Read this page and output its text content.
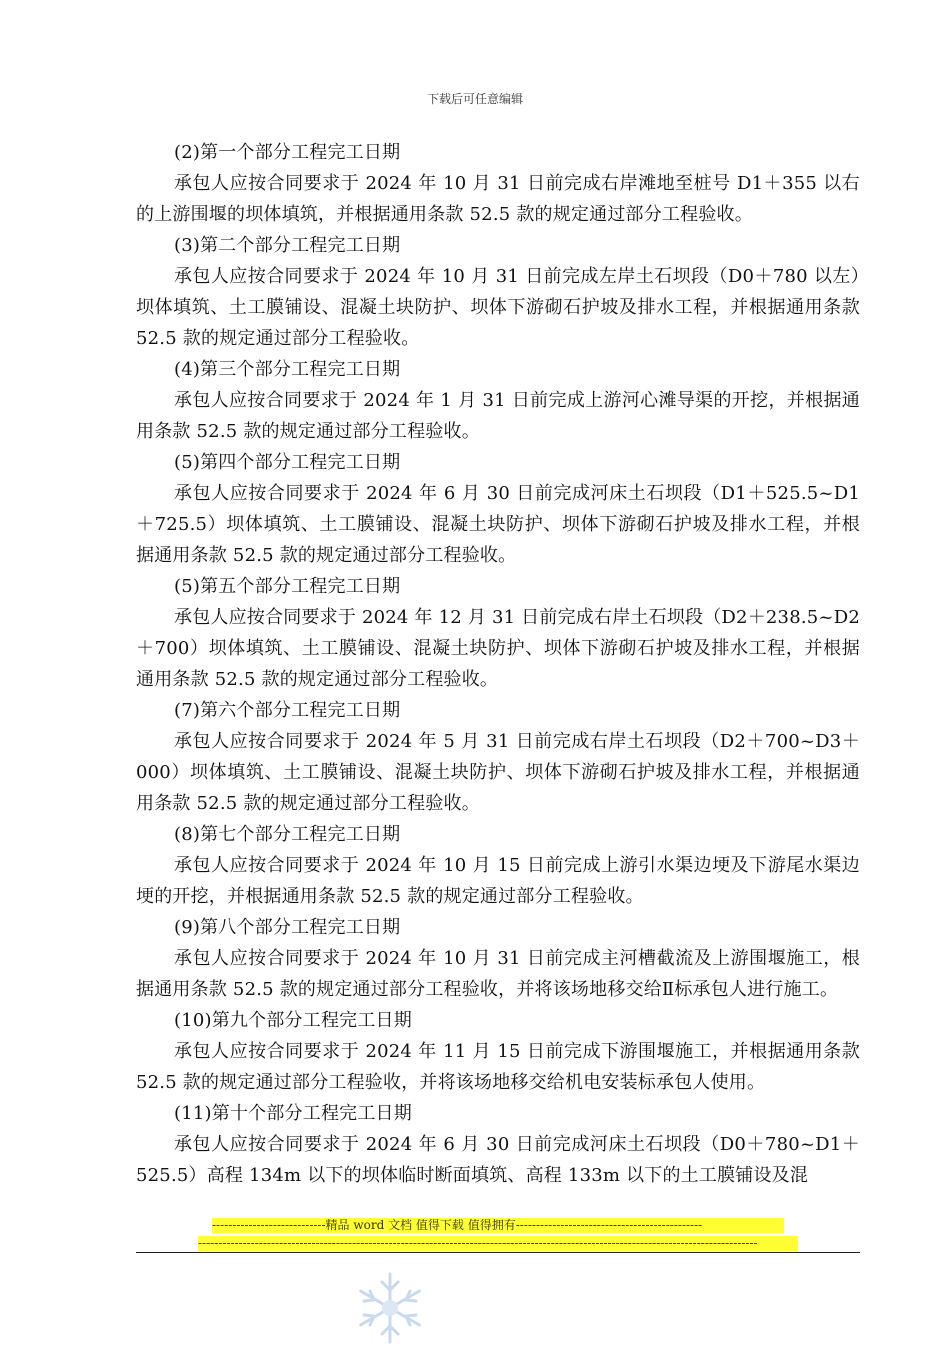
下载后可任意编辑

(2)第一个部分工程完工日期

承包人应按合同要求于 2024 年 10 月 31 日前完成右岸滩地至桩号 D1＋355 以右的上游围堰的坝体填筑，并根据通用条款 52.5 款的规定通过部分工程验收。

(3)第二个部分工程完工日期

承包人应按合同要求于 2024 年 10 月 31 日前完成左岸土石坝段（D0＋780 以左）坝体填筑、土工膜铺设、混凝土块防护、坝体下游砌石护坡及排水工程，并根据通用条款 52.5 款的规定通过部分工程验收。

(4)第三个部分工程完工日期

承包人应按合同要求于 2024 年 1 月 31 日前完成上游河心滩导渠的开挖，并根据通用条款 52.5 款的规定通过部分工程验收。

(5)第四个部分工程完工日期

承包人应按合同要求于 2024 年 6 月 30 日前完成河床土石坝段（D1＋525.5~D1＋725.5）坝体填筑、土工膜铺设、混凝土块防护、坝体下游砌石护坡及排水工程，并根据通用条款 52.5 款的规定通过部分工程验收。

(5)第五个部分工程完工日期

承包人应按合同要求于 2024 年 12 月 31 日前完成右岸土石坝段（D2＋238.5~D2＋700）坝体填筑、土工膜铺设、混凝土块防护、坝体下游砌石护坡及排水工程，并根据通用条款 52.5 款的规定通过部分工程验收。

(7)第六个部分工程完工日期

承包人应按合同要求于 2024 年 5 月 31 日前完成右岸土石坝段（D2＋700~D3＋000）坝体填筑、土工膜铺设、混凝土块防护、坝体下游砌石护坡及排水工程，并根据通用条款 52.5 款的规定通过部分工程验收。

(8)第七个部分工程完工日期

承包人应按合同要求于 2024 年 10 月 15 日前完成上游引水渠边埂及下游尾水渠边埂的开挖，并根据通用条款 52.5 款的规定通过部分工程验收。

(9)第八个部分工程完工日期

承包人应按合同要求于 2024 年 10 月 31 日前完成主河槽截流及上游围堰施工，根据通用条款 52.5 款的规定通过部分工程验收，并将该场地移交给Ⅱ标承包人进行施工。

(10)第九个部分工程完工日期

承包人应按合同要求于 2024 年 11 月 15 日前完成下游围堰施工，并根据通用条款 52.5 款的规定通过部分工程验收，并将该场地移交给机电安装标承包人使用。

(11)第十个部分工程完工日期

承包人应按合同要求于 2024 年 6 月 30 日前完成河床土石坝段（D0＋780~D1＋525.5）高程 134m 以下的坝体临时断面填筑、高程 133m 以下的土工膜铺设及混

----------------------------精品 word 文档 值得下载 值得拥有----------------------------------------------
------------------------------------------------------------------------------------------------------------------------------------------
